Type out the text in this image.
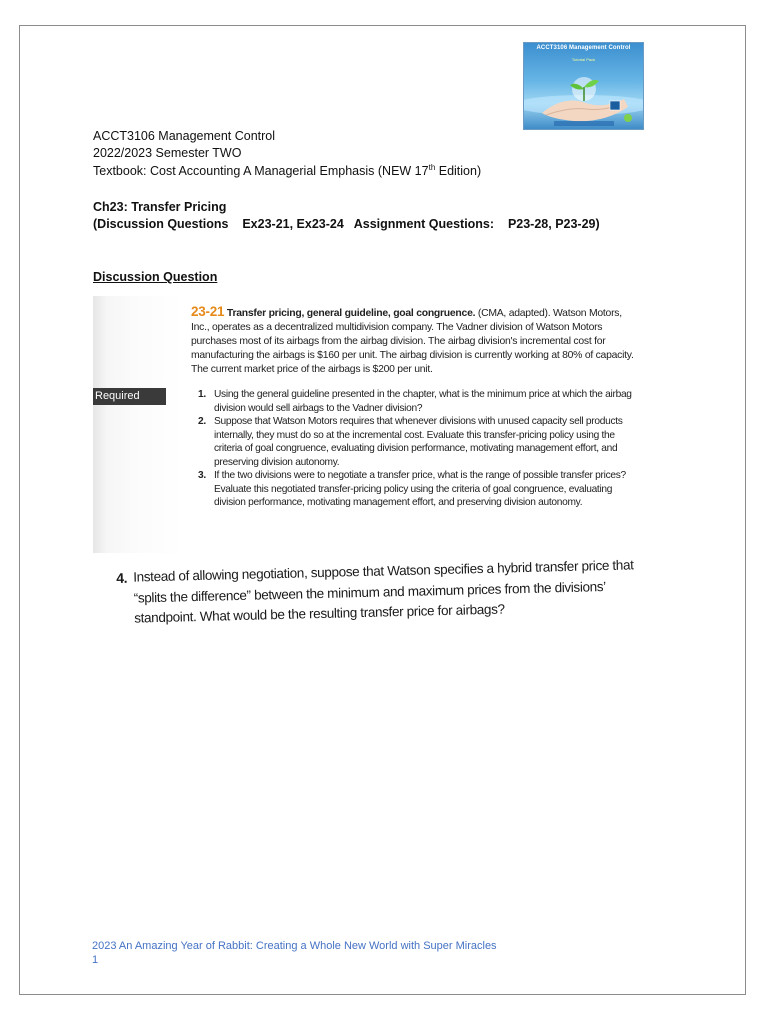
ACCT3106 Management Control
Tutorial Pack
ACCT3106 Management Control
2022/2023 Semester TWO
Textbook: Cost Accounting A Managerial Emphasis (NEW 17th Edition)
Ch23: Transfer Pricing
(Discussion Questions    Ex23-21, Ex23-24   Assignment Questions:    P23-28, P23-29)
Discussion Question
23-21 Transfer pricing, general guideline, goal congruence. (CMA, adapted). Watson Motors, Inc., operates as a decentralized multidivision company. The Vadner division of Watson Motors purchases most of its airbags from the airbag division. The airbag division's incremental cost for manufacturing the airbags is $160 per unit. The airbag division is currently working at 80% of capacity. The current market price of the airbags is $200 per unit.
Required	1. Using the general guideline presented in the chapter, what is the minimum price at which the airbag division would sell airbags to the Vadner division?
2. Suppose that Watson Motors requires that whenever divisions with unused capacity sell products internally, they must do so at the incremental cost. Evaluate this transfer-pricing policy using the criteria of goal congruence, evaluating division performance, motivating management effort, and preserving division autonomy.
3. If the two divisions were to negotiate a transfer price, what is the range of possible transfer prices? Evaluate this negotiated transfer-pricing policy using the criteria of goal congruence, evaluating division performance, motivating management effort, and preserving division autonomy.
4. Instead of allowing negotiation, suppose that Watson specifies a hybrid transfer price that “splits the difference” between the minimum and maximum prices from the divisions’ standpoint. What would be the resulting transfer price for airbags?
2023 An Amazing Year of Rabbit: Creating a Whole New World with Super Miracles
1
